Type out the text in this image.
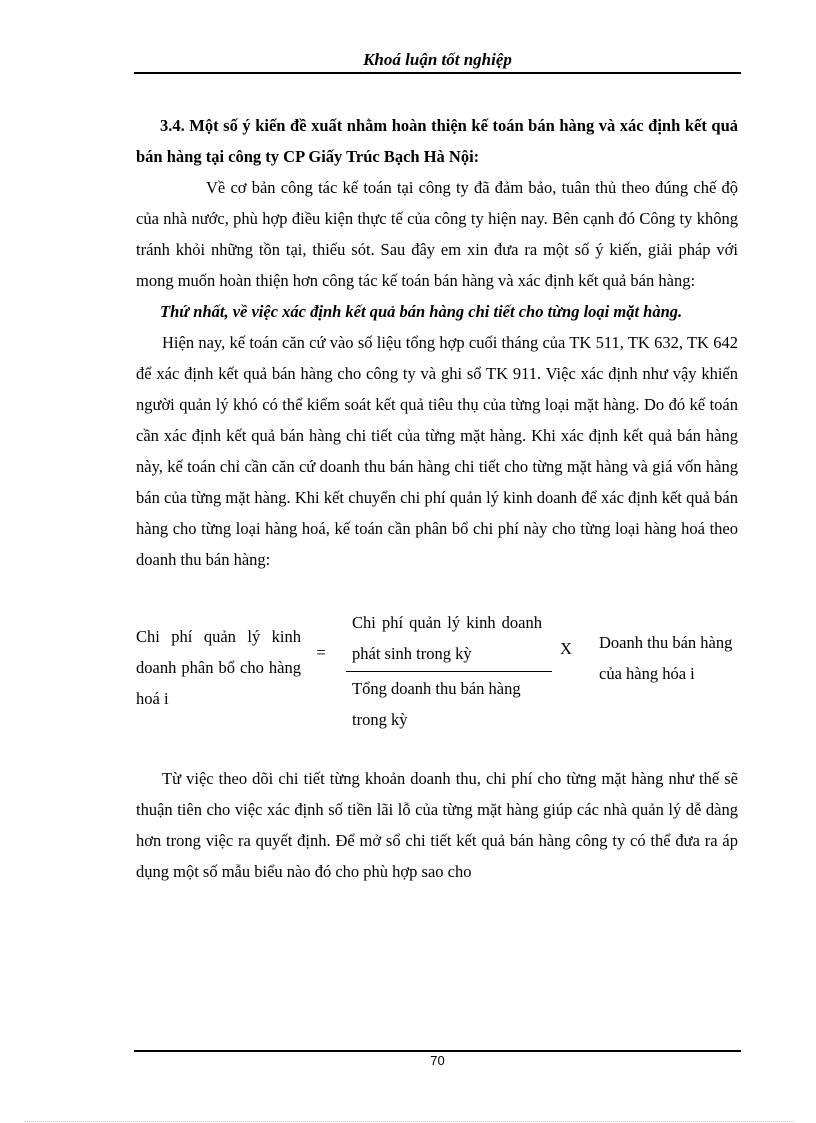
Khoá luận tốt nghiệp

3.4. Một số ý kiến đề xuất nhằm hoàn thiện kế toán bán hàng và xác định kết quả bán hàng tại công ty CP Giấy Trúc Bạch Hà Nội:

Về cơ bản công tác kế toán tại công ty đã đảm bảo, tuân thủ theo đúng chế độ của nhà nước, phù hợp điều kiện thực tế của công ty hiện nay. Bên cạnh đó Công ty không tránh khỏi những tồn tại, thiếu sót. Sau đây em xin đưa ra một số ý kiến, giải pháp với mong muốn hoàn thiện hơn công tác kế toán bán hàng và xác định kết quả bán hàng:

Thứ nhất, về việc xác định kết quả bán hàng chi tiết cho từng loại mặt hàng.

Hiện nay, kế toán căn cứ vào số liệu tổng hợp cuối tháng của TK 511, TK 632, TK 642 để xác định kết quả bán hàng cho công ty và ghi sổ TK 911. Việc xác định như vậy khiến người quản lý khó có thể kiểm soát kết quả tiêu thụ của từng loại mặt hàng. Do đó kế toán cần xác định kết quả bán hàng chi tiết của từng mặt hàng. Khi xác định kết quả bán hàng này, kế toán chỉ cần căn cứ doanh thu bán hàng chi tiết cho từng mặt hàng và giá vốn hàng bán của từng mặt hàng. Khi kết chuyển chi phí quản lý kinh doanh để xác định kết quả bán hàng cho từng loại hàng hoá, kế toán cần phân bổ chi phí này cho từng loại hàng hoá theo doanh thu bán hàng:

Chi phí quản lý kinh doanh phân bổ cho hàng hoá i
=
Chi phí quản lý kinh doanh phát sinh trong kỳ
Tổng doanh thu bán hàng trong kỳ
X Doanh thu bán hàng của hàng hóa i

Từ việc theo dõi chi tiết từng khoản doanh thu, chi phí cho từng mặt hàng như thế sẽ thuận tiên cho việc xác định số tiền lãi lỗ của từng mặt hàng giúp các nhà quản lý dễ dàng hơn trong việc ra quyết định. Để mở sổ chi tiết kết quả bán hàng công ty có thể đưa ra áp dụng một số mẫu biểu nào đó cho phù hợp sao cho

70
